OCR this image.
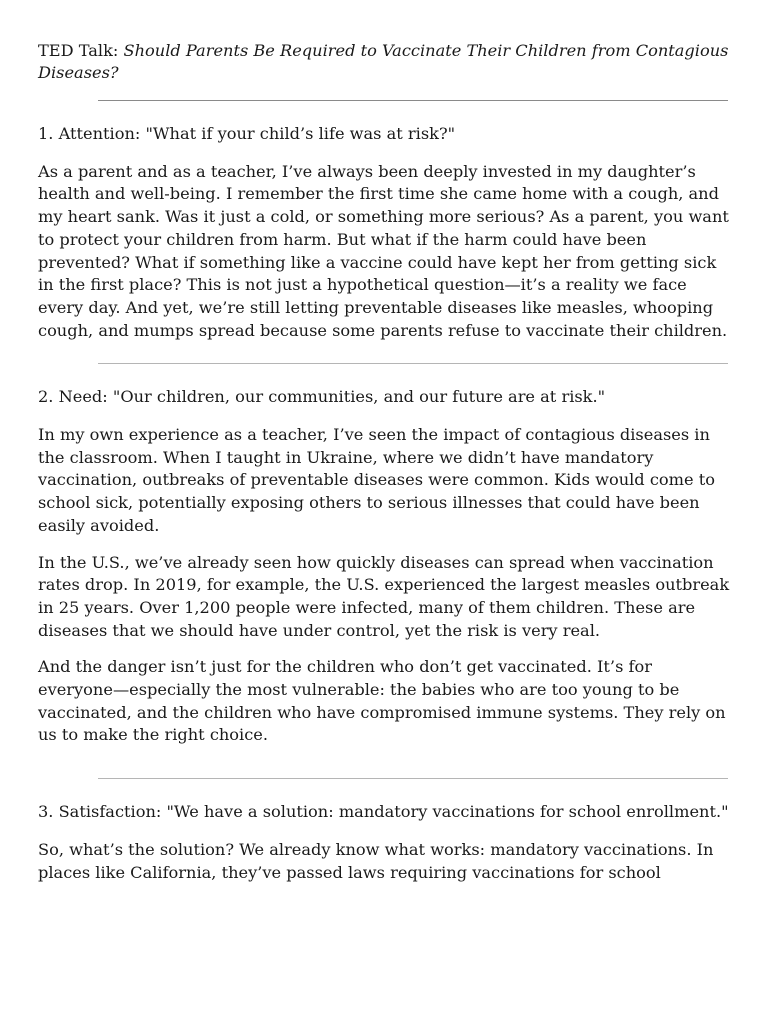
TED Talk: Should Parents Be Required to Vaccinate Their Children from Contagious Diseases?

1. Attention: "What if your child’s life was at risk?"

As a parent and as a teacher, I’ve always been deeply invested in my daughter’s health and well-being. I remember the first time she came home with a cough, and my heart sank. Was it just a cold, or something more serious? As a parent, you want to protect your children from harm. But what if the harm could have been prevented? What if something like a vaccine could have kept her from getting sick in the first place? This is not just a hypothetical question—it’s a reality we face every day. And yet, we’re still letting preventable diseases like measles, whooping cough, and mumps spread because some parents refuse to vaccinate their children.

2. Need: "Our children, our communities, and our future are at risk."

In my own experience as a teacher, I’ve seen the impact of contagious diseases in the classroom. When I taught in Ukraine, where we didn’t have mandatory vaccination, outbreaks of preventable diseases were common. Kids would come to school sick, potentially exposing others to serious illnesses that could have been easily avoided.

In the U.S., we’ve already seen how quickly diseases can spread when vaccination rates drop. In 2019, for example, the U.S. experienced the largest measles outbreak in 25 years. Over 1,200 people were infected, many of them children. These are diseases that we should have under control, yet the risk is very real.

And the danger isn’t just for the children who don’t get vaccinated. It’s for everyone—especially the most vulnerable: the babies who are too young to be vaccinated, and the children who have compromised immune systems. They rely on us to make the right choice.

3. Satisfaction: "We have a solution: mandatory vaccinations for school enrollment."

So, what’s the solution? We already know what works: mandatory vaccinations. In places like California, they’ve passed laws requiring vaccinations for school
